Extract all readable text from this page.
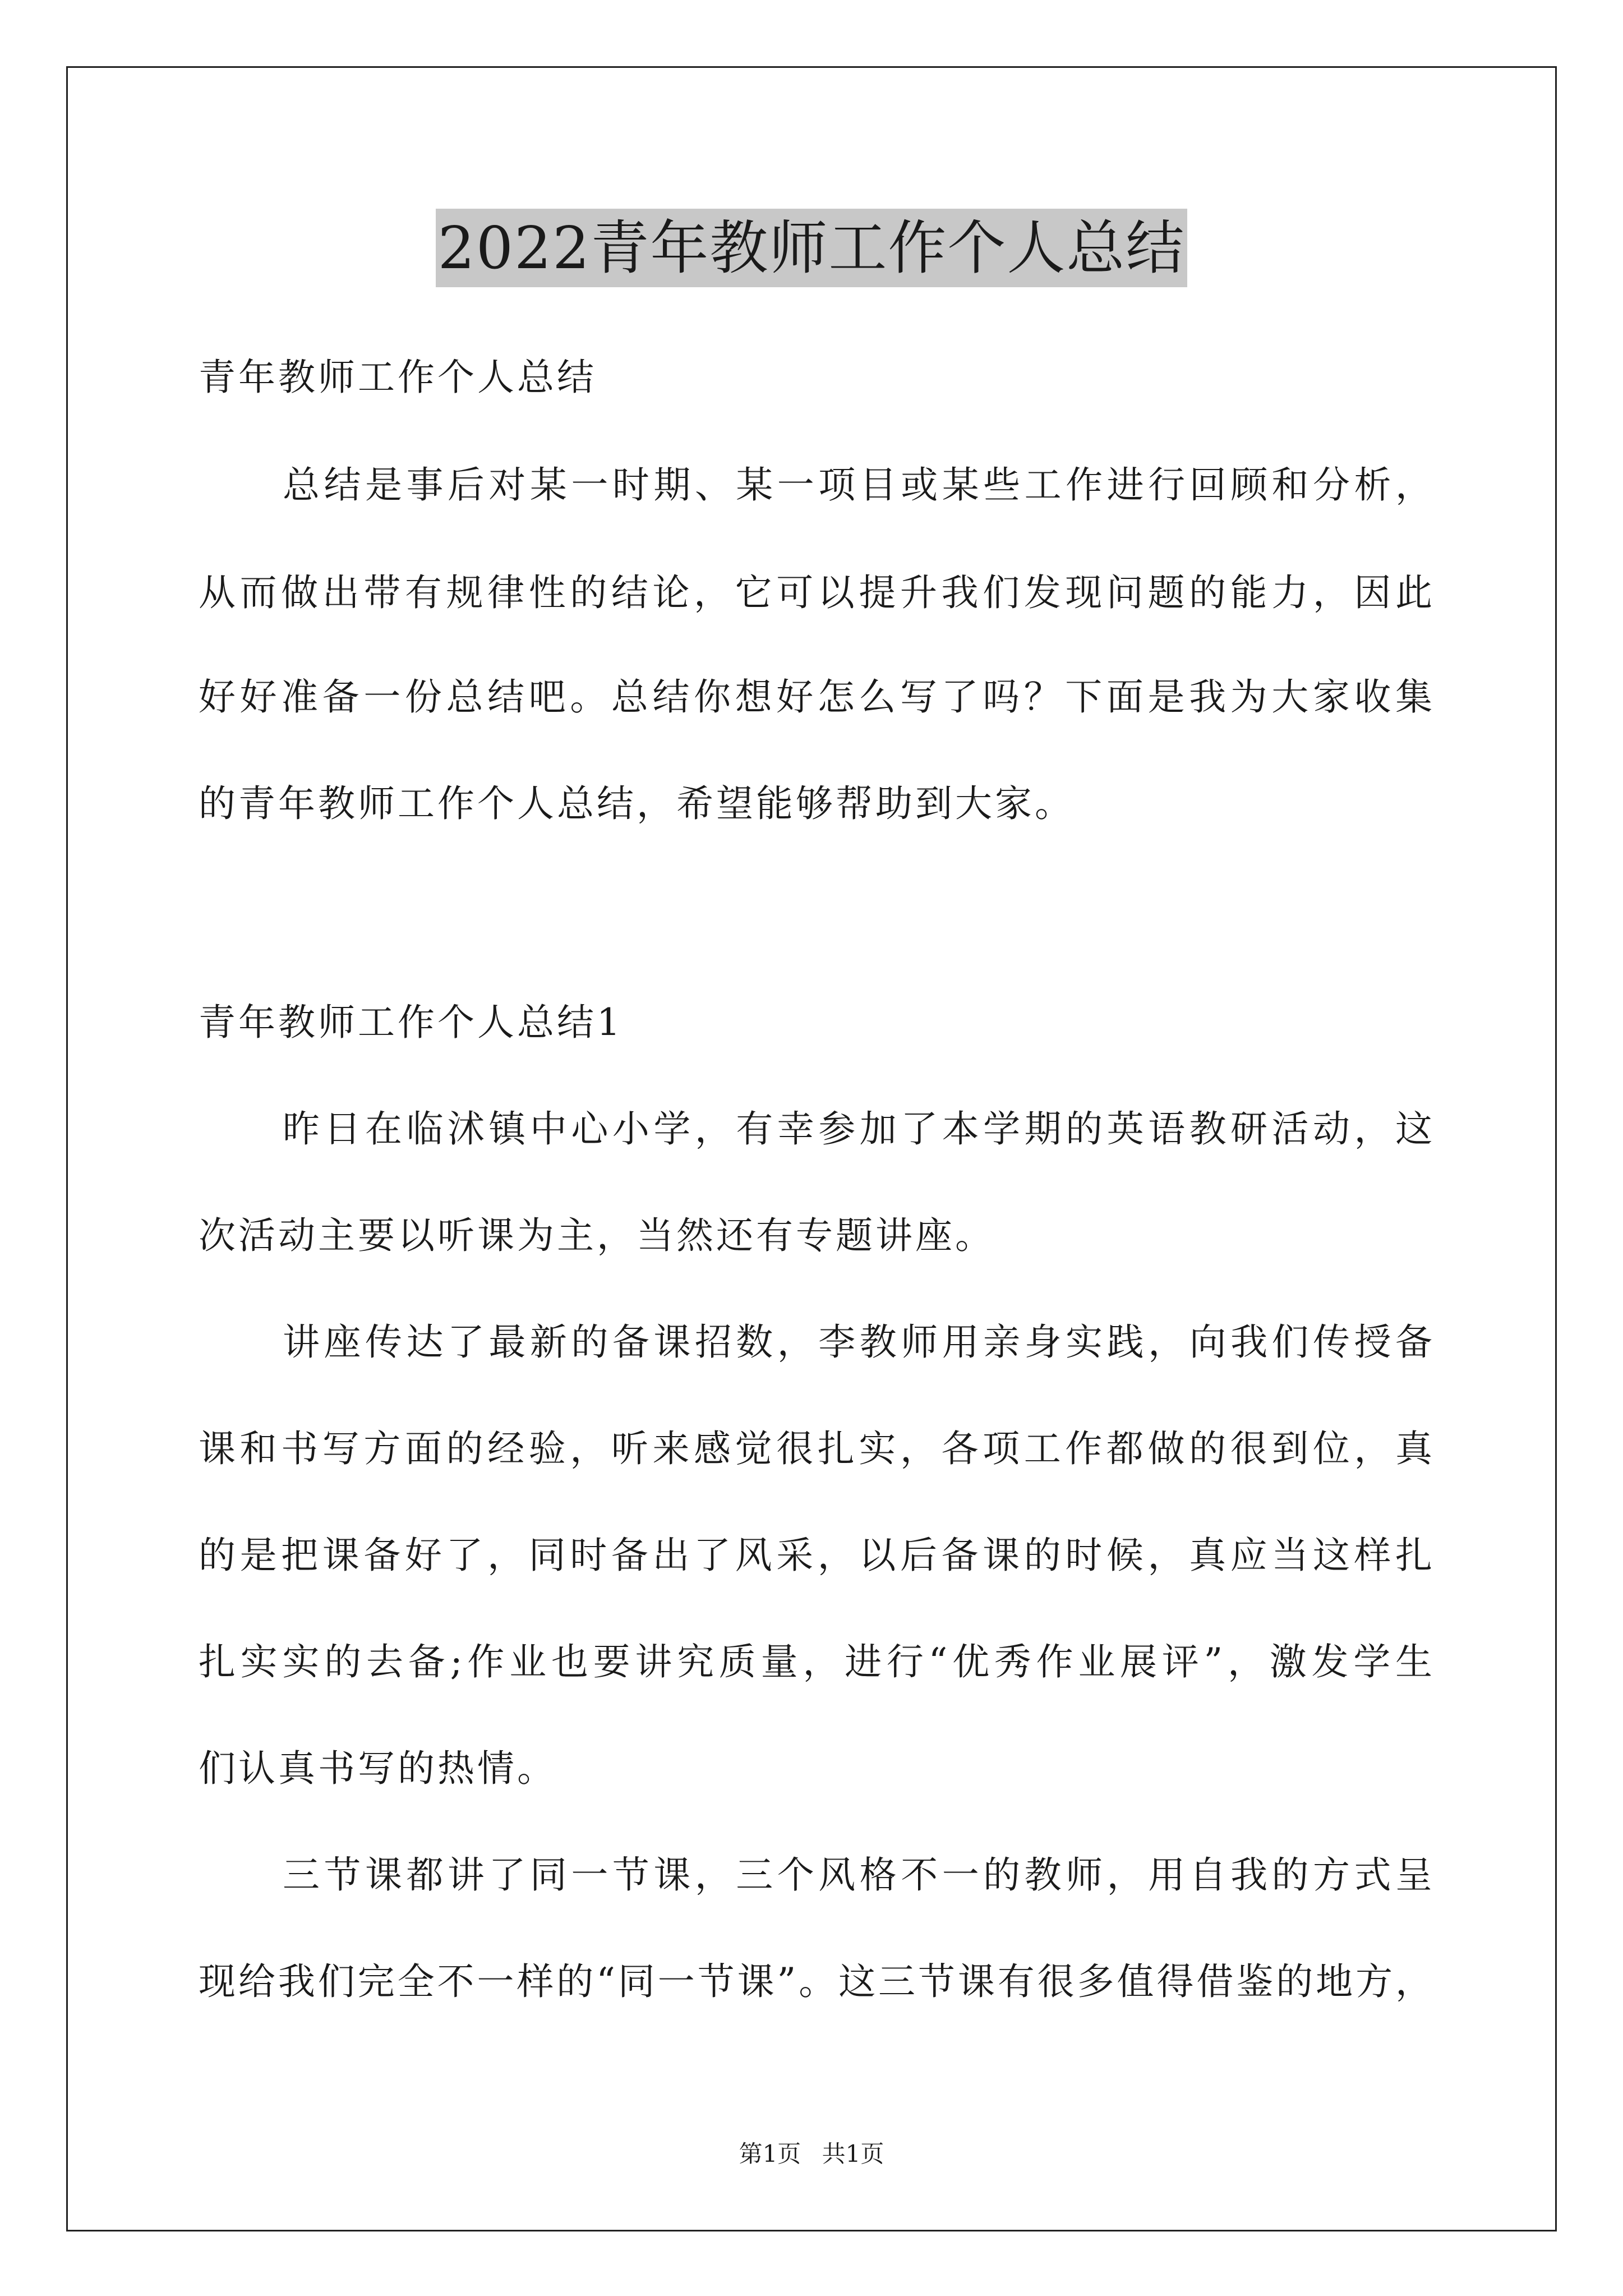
2022青年教师工作个人总结
青年教师工作个人总结
总结是事后对某一时期、某一项目或某些工作进行回顾和分析，
从而做出带有规律性的结论，它可以提升我们发现问题的能力，因此
好好准备一份总结吧。总结你想好怎么写了吗？下面是我为大家收集
的青年教师工作个人总结，希望能够帮助到大家。
青年教师工作个人总结1
昨日在临沭镇中心小学，有幸参加了本学期的英语教研活动，这
次活动主要以听课为主，当然还有专题讲座。
讲座传达了最新的备课招数，李教师用亲身实践，向我们传授备
课和书写方面的经验，听来感觉很扎实，各项工作都做的很到位，真
的是把课备好了，同时备出了风采，以后备课的时候，真应当这样扎
扎实实的去备;作业也要讲究质量，进行“优秀作业展评”，激发学生
们认真书写的热情。
三节课都讲了同一节课，三个风格不一的教师，用自我的方式呈
现给我们完全不一样的“同一节课”。这三节课有很多值得借鉴的地方，
第1页 共1页
